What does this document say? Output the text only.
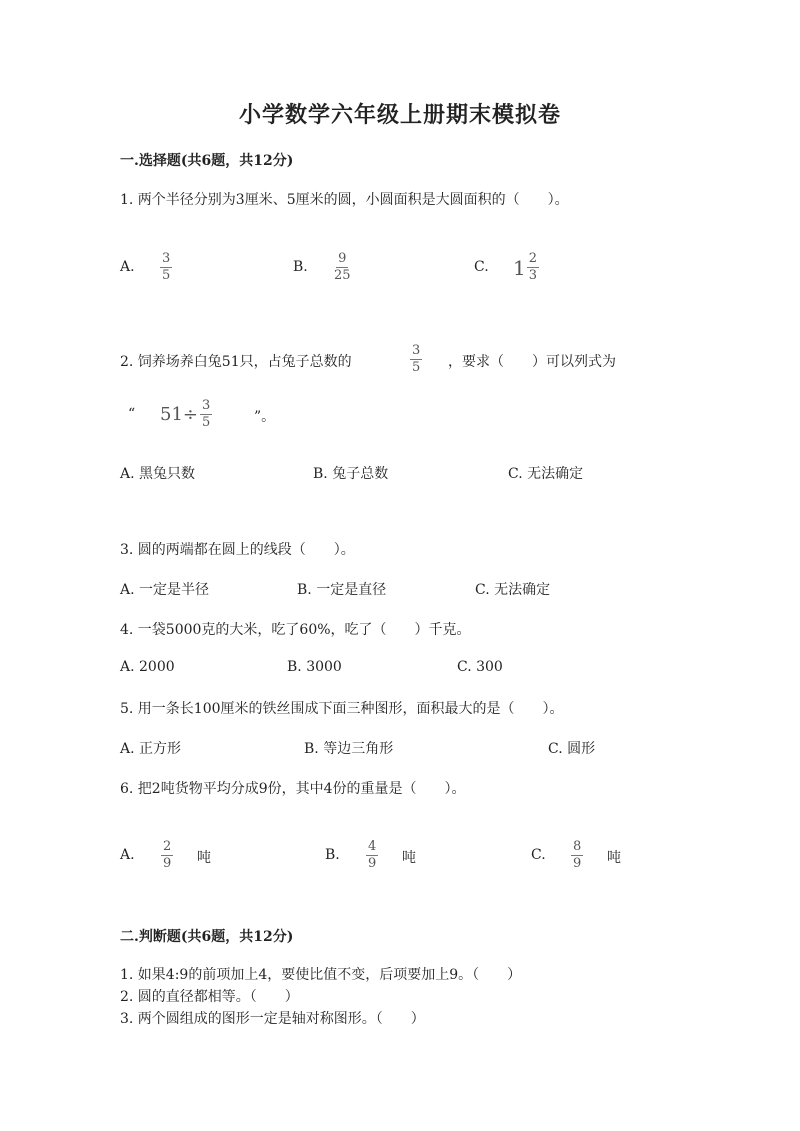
小学数学六年级上册期末模拟卷
一.选择题(共6题，共12分)
1. 两个半径分别为3厘米、5厘米的圆，小圆面积是大圆面积的（　　）。
A. $\frac{3}{5}$	B. $\frac{9}{25}$	C. $1 \frac{2}{3}$
2. 饲养场养白兔51只，占兔子总数的	$\frac{3}{5}$ ，要求（　　）可以列式为
“ $51\div \frac{3}{5}$	”。
A. 黑兔只数	B. 兔子总数	C. 无法确定
3. 圆的两端都在圆上的线段（　　）。
A. 一定是半径	B. 一定是直径	C. 无法确定
4. 一袋5000克的大米，吃了60%，吃了（　　）千克。
A. 2000	B. 3000	C. 300
5. 用一条长100厘米的铁丝围成下面三种图形，面积最大的是（　　）。
A. 正方形	B. 等边三角形	C. 圆形
6. 把2吨货物平均分成9份，其中4份的重量是（　　）。
A. $\frac{2}{9}$ 吨	B. $\frac{4}{9}$ 吨	C. $\frac{8}{9}$ 吨
二.判断题(共6题，共12分)
1. 如果4:9的前项加上4，要使比值不变，后项要加上9。（　　）
2. 圆的直径都相等。（　　）
3. 两个圆组成的图形一定是轴对称图形。（　　）
